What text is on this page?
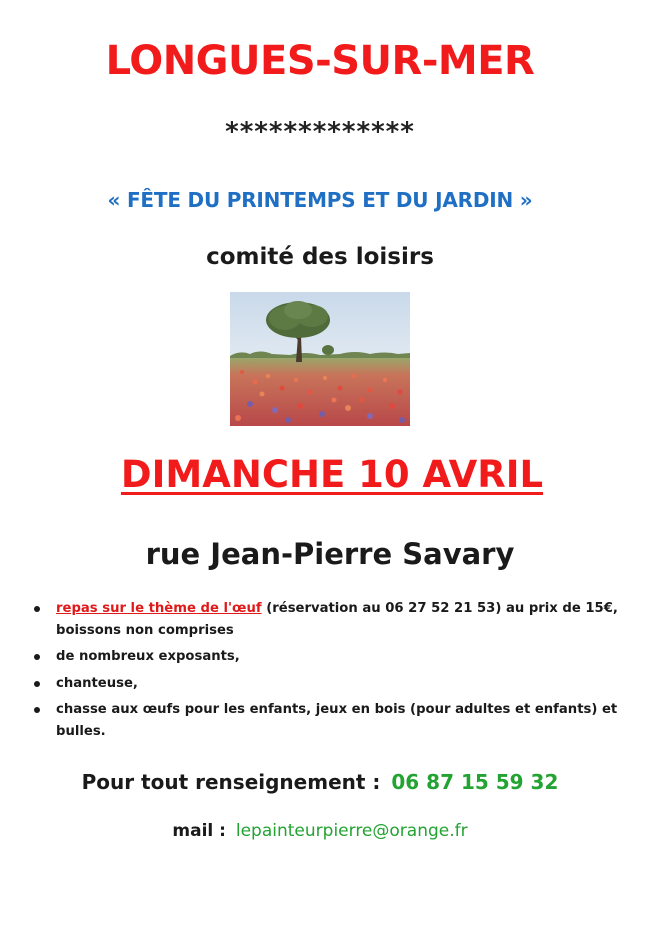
LONGUES-SUR-MER
*************
« FÊTE DU PRINTEMPS ET DU JARDIN »
comité des loisirs
DIMANCHE 10 AVRIL
rue Jean-Pierre Savary
repas sur le thème de l'œuf (réservation au 06 27 52 21 53) au prix de 15€, boissons non comprises
de nombreux exposants,
chanteuse,
chasse aux œufs pour les enfants, jeux en bois (pour adultes et enfants) et bulles.
Pour tout renseignement : 06 87 15 59 32
mail : lepainteurpierre@orange.fr
